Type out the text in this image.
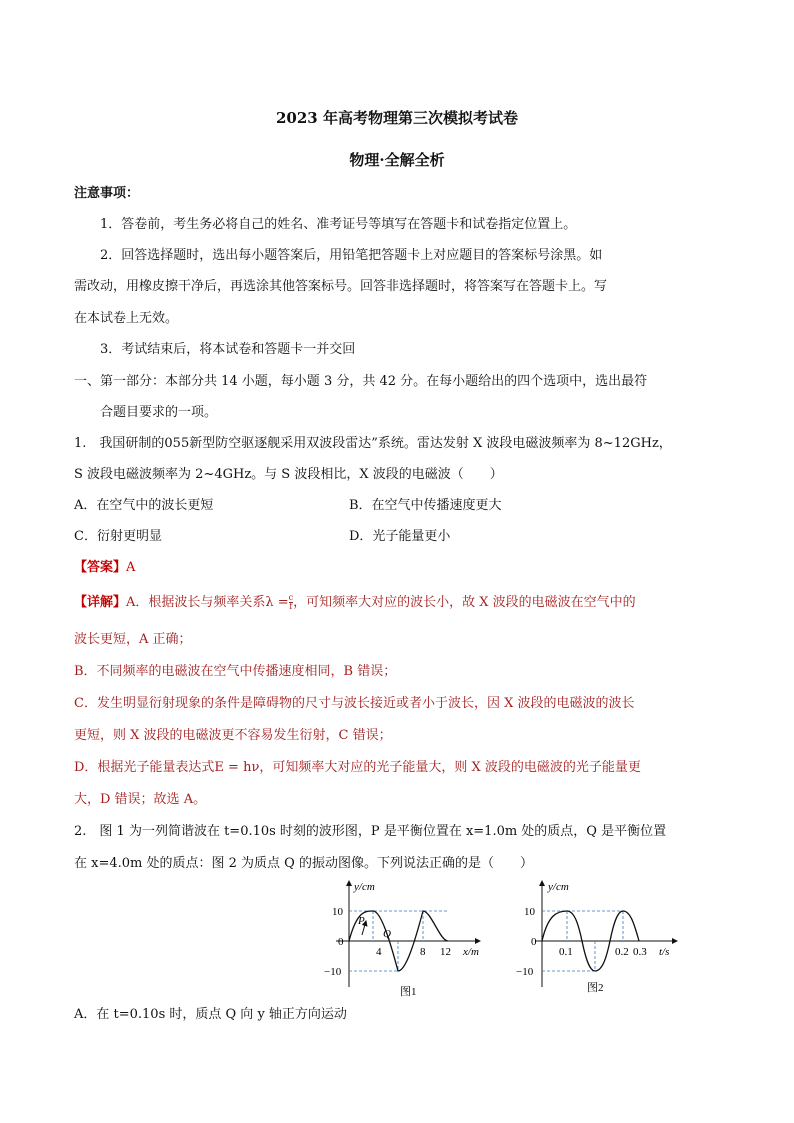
2023 年高考物理第三次模拟考试卷
物理·全解全析
注意事项：
1．答卷前，考生务必将自己的姓名、准考证号等填写在答题卡和试卷指定位置上。
2．回答选择题时，选出每小题答案后，用铅笔把答题卡上对应题目的答案标号涂黑。如
需改动，用橡皮擦干净后，再选涂其他答案标号。回答非选择题时，将答案写在答题卡上。写
在本试卷上无效。
3．考试结束后，将本试卷和答题卡一并交回
一、第一部分：本部分共 14 小题，每小题 3 分，共 42 分。在每小题给出的四个选项中，选出最符
合题目要求的一项。
1.　我国研制的055新型防空驱逐舰采用双波段雷达”系统。雷达发射 X 波段电磁波频率为 8~12GHz，
S 波段电磁波频率为 2~4GHz。与 S 波段相比，X 波段的电磁波（　　）
A．在空气中的波长更短	B．在空气中传播速度更大
C．衍射更明显	D．光子能量更小
【答案】A
【详解】A．根据波长与频率关系$\lambda = \frac{c}{f}$ ，可知频率大对应的波长小，故 X 波段的电磁波在空气中的
波长更短，A 正确；
B．不同频率的电磁波在空气中传播速度相同，B 错误；
C．发生明显衍射现象的条件是障碍物的尺寸与波长接近或者小于波长，因 X 波段的电磁波的波长
更短，则 X 波段的电磁波更不容易发生衍射，C 错误；
D．根据光子能量表达式E = hν，可知频率大对应的光子能量大，则 X 波段的电磁波的光子能量更
大，D 错误；故选 A。
2.　图 1 为一列简谐波在 t=0.10s 时刻的波形图，P 是平衡位置在 x=1.0m 处的质点，Q 是平衡位置
在 x=4.0m 处的质点：图 2 为质点 Q 的振动图像。下列说法正确的是（　　）
y/cm
10
0
−10
P
Q
4	8 12 x/m
图1
y/cm
10
0
−10
0.1	0.2 0.3 t/s
图2
A．在 t=0.10s 时，质点 Q 向 y 轴正方向运动
